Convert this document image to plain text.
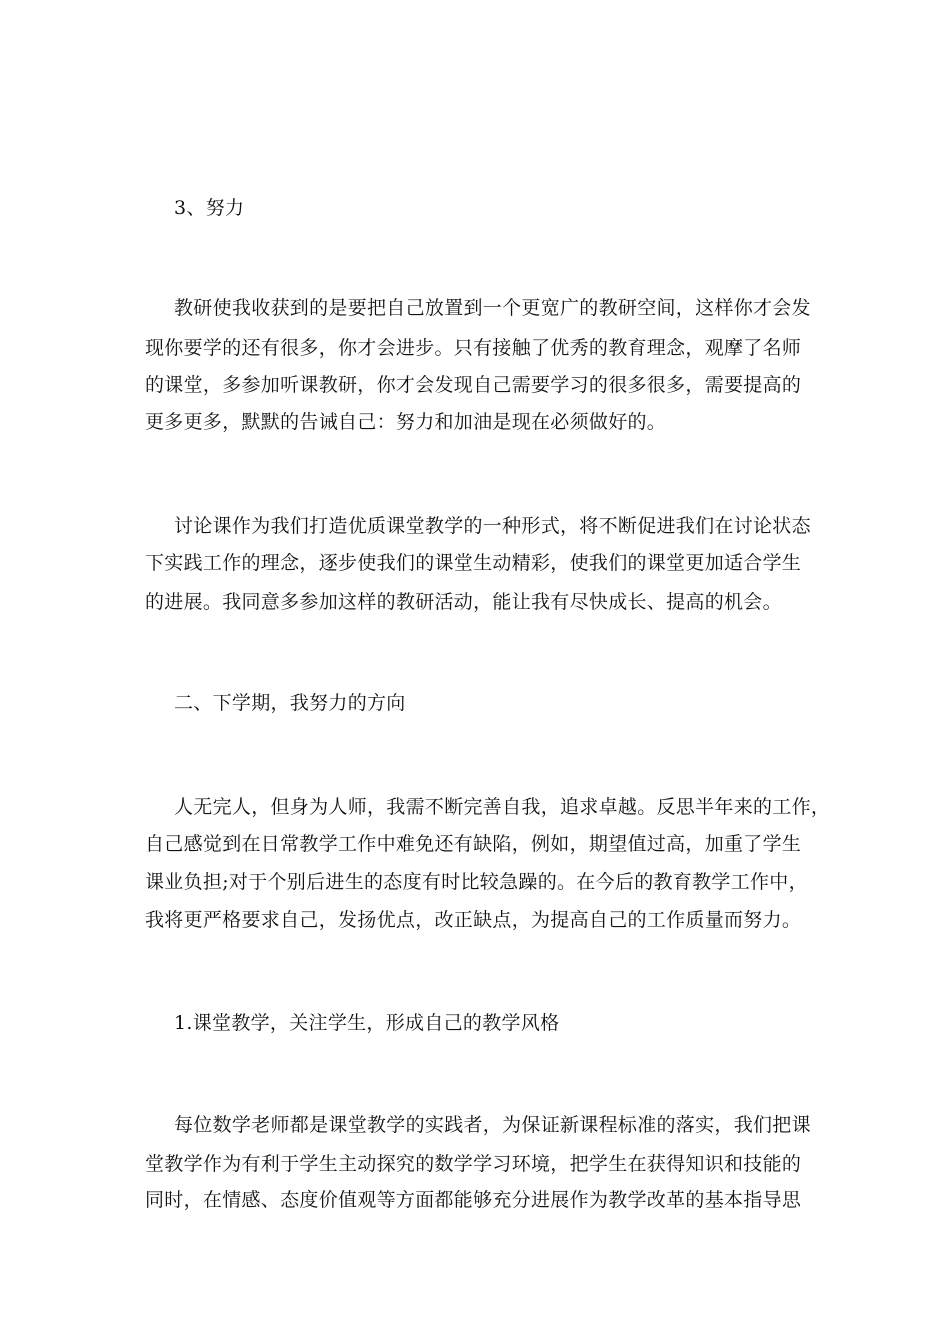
3、努力
教研使我收获到的是要把自己放置到一个更宽广的教研空间，这样你才会发
现你要学的还有很多，你才会进步。只有接触了优秀的教育理念，观摩了名师
的课堂，多参加听课教研，你才会发现自己需要学习的很多很多，需要提高的
更多更多，默默的告诫自己：努力和加油是现在必须做好的。
讨论课作为我们打造优质课堂教学的一种形式，将不断促进我们在讨论状态
下实践工作的理念，逐步使我们的课堂生动精彩，使我们的课堂更加适合学生
的进展。我同意多参加这样的教研活动，能让我有尽快成长、提高的机会。
二、下学期，我努力的方向
人无完人，但身为人师，我需不断完善自我，追求卓越。反思半年来的工作，
自己感觉到在日常教学工作中难免还有缺陷，例如，期望值过高，加重了学生
课业负担;对于个别后进生的态度有时比较急躁的。在今后的教育教学工作中，
我将更严格要求自己，发扬优点，改正缺点，为提高自己的工作质量而努力。
1.课堂教学，关注学生，形成自己的教学风格
每位数学老师都是课堂教学的实践者，为保证新课程标准的落实，我们把课
堂教学作为有利于学生主动探究的数学学习环境，把学生在获得知识和技能的
同时，在情感、态度价值观等方面都能够充分进展作为教学改革的基本指导思
